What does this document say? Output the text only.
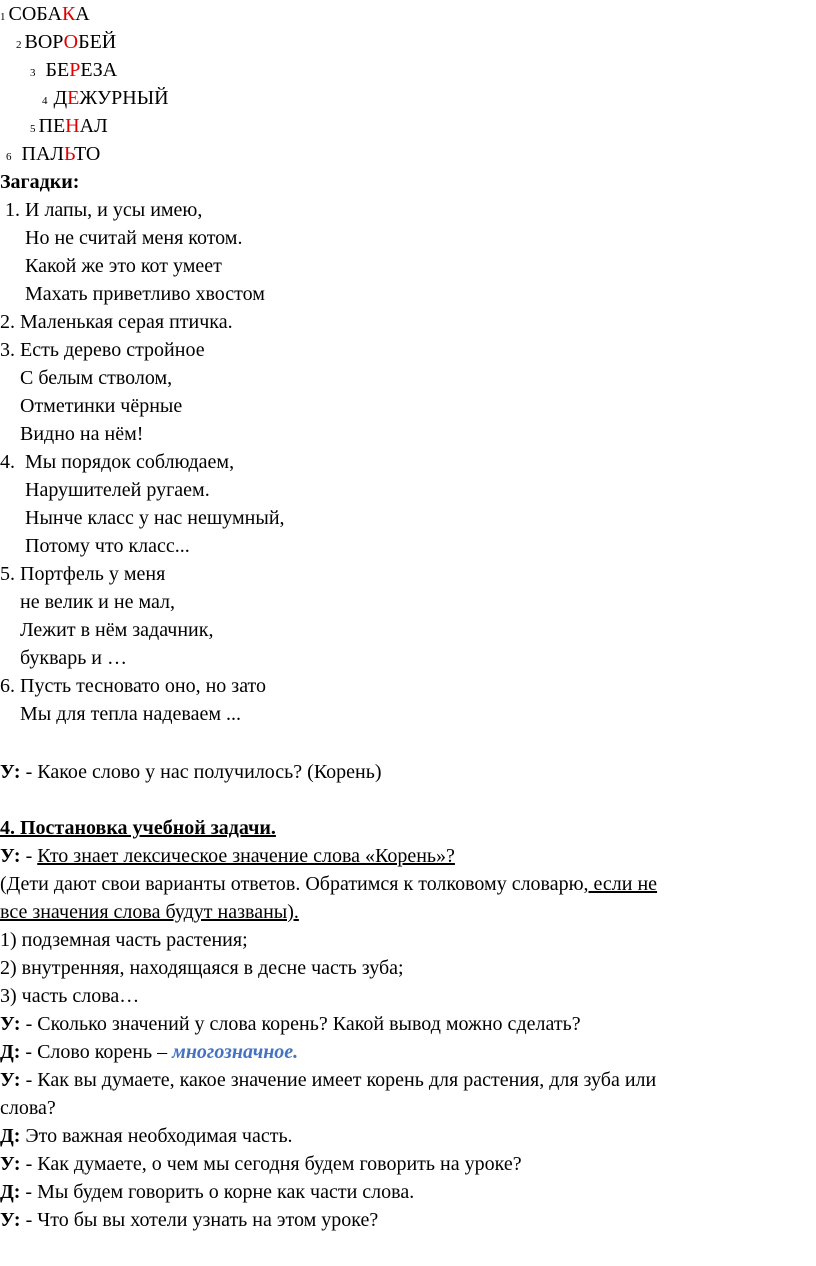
1 СОБАКА
2 ВОРОБЕЙ
3 БЕРЕЗА
4 ДЕЖУРНЫЙ
5 ПЕНАЛ
6 ПАЛЬТО
Загадки:
1. И лапы, и усы имею,
Но не считай меня котом.
Какой же это кот умеет
Махать приветливо хвостом
2. Маленькая серая птичка.
3. Есть дерево стройное
С белым стволом,
Отметинки чёрные
Видно на нём!
4.  Мы порядок соблюдаем,
Нарушителей ругаем.
Нынче класс у нас нешумный,
Потому что класс...
5. Портфель у меня
не велик и не мал,
Лежит в нём задачник,
букварь и …
6. Пусть тесновато оно, но зато
Мы для тепла надеваем ...
У: - Какое слово у нас получилось? (Корень)
4. Постановка учебной задачи.
У: - Кто знает лексическое значение слова «Корень»?
(Дети дают свои варианты ответов. Обратимся к толковому словарю, если не
все значения слова будут названы).
1) подземная часть растения;
2) внутренняя, находящаяся в десне часть зуба;
3) часть слова…
У: - Сколько значений у слова корень? Какой вывод можно сделать?
Д: - Слово корень – многозначное.
У: - Как вы думаете, какое значение имеет корень для растения, для зуба или
слова?
Д: Это важная необходимая часть.
У: - Как думаете, о чем мы сегодня будем говорить на уроке?
Д: - Мы будем говорить о корне как части слова.
У: - Что бы вы хотели узнать на этом уроке?
